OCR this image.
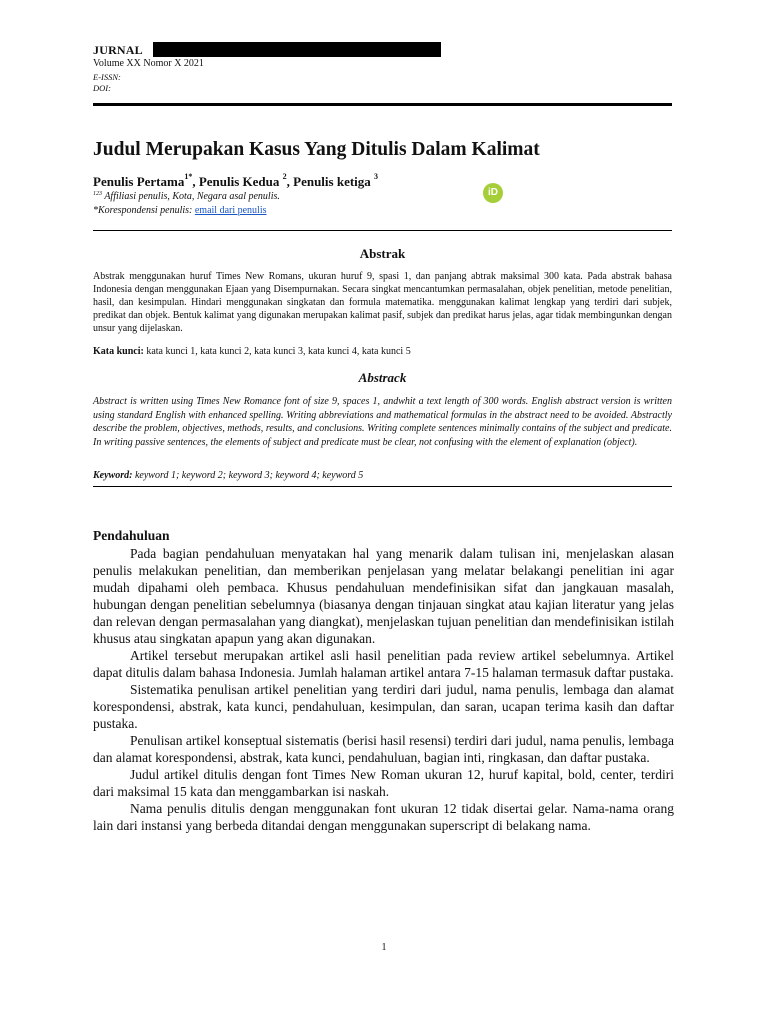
JURNAL
Volume XX Nomor X 2021
E-ISSN:
DOI:
Judul Merupakan Kasus Yang Ditulis Dalam Kalimat
Penulis Pertama$^{1*}$, Penulis Kedua $^2$, Penulis ketiga $^3$
iD
$^{123}$ Affiliasi penulis, Kota, Negara asal penulis.
*Korespondensi penulis: email dari penulis
Abstrak
Abstrak menggunakan huruf Times New Romans, ukuran huruf 9, spasi 1, dan panjang abtrak maksimal 300 kata. Pada abstrak bahasa Indonesia dengan menggunakan Ejaan yang Disempurnakan. Secara singkat mencantumkan permasalahan, objek penelitian, metode penelitian, hasil, dan kesimpulan. Hindari menggunakan singkatan dan formula matematika. menggunakan kalimat lengkap yang terdiri dari subjek, predikat dan objek. Bentuk kalimat yang digunakan merupakan kalimat pasif, subjek dan predikat harus jelas, agar tidak membingunkan dengan unsur yang dijelaskan.
Kata kunci: kata kunci 1, kata kunci 2, kata kunci 3, kata kunci 4, kata kunci 5
Abstrack
Abstract is written using Times New Romance font of size 9, spaces 1, andwhit a text length of 300 words. English abstract version is written using standard English with enhanced spelling. Writing abbreviations and mathematical formulas in the abstract need to be avoided. Abstractly describe the problem, objectives, methods, results, and conclusions. Writing complete sentences minimally contains of the subject and predicate. In writing passive sentences, the elements of subject and predicate must be clear, not confusing with the element of explanation (object).
Keyword: keyword 1; keyword 2; keyword 3; keyword 4; keyword 5
Pendahuluan

Pada bagian pendahuluan menyatakan hal yang menarik dalam tulisan ini, menjelaskan alasan penulis melakukan penelitian, dan memberikan penjelasan yang melatar belakangi penelitian ini agar mudah dipahami oleh pembaca. Khusus pendahuluan mendefinisikan sifat dan jangkauan masalah, hubungan dengan penelitian sebelumnya (biasanya dengan tinjauan singkat atau kajian literatur yang jelas dan relevan dengan permasalahan yang diangkat), menjelaskan tujuan penelitian dan mendefinisikan istilah khusus atau singkatan apapun yang akan digunakan.

Artikel tersebut merupakan artikel asli hasil penelitian pada review artikel sebelumnya. Artikel dapat ditulis dalam bahasa Indonesia. Jumlah halaman artikel antara 7-15 halaman termasuk daftar pustaka.

Sistematika penulisan artikel penelitian yang terdiri dari judul, nama penulis, lembaga dan alamat korespondensi, abstrak, kata kunci, pendahuluan, kesimpulan, dan saran, ucapan terima kasih dan daftar pustaka.

Penulisan artikel konseptual sistematis (berisi hasil resensi) terdiri dari judul, nama penulis, lembaga dan alamat korespondensi, abstrak, kata kunci, pendahuluan, bagian inti, ringkasan, dan daftar pustaka.

Judul artikel ditulis dengan font Times New Roman ukuran 12, huruf kapital, bold, center, terdiri dari maksimal 15 kata dan menggambarkan isi naskah.

Nama penulis ditulis dengan menggunakan font ukuran 12 tidak disertai gelar. Nama-nama orang lain dari instansi yang berbeda ditandai dengan menggunakan superscript di belakang nama.

1
